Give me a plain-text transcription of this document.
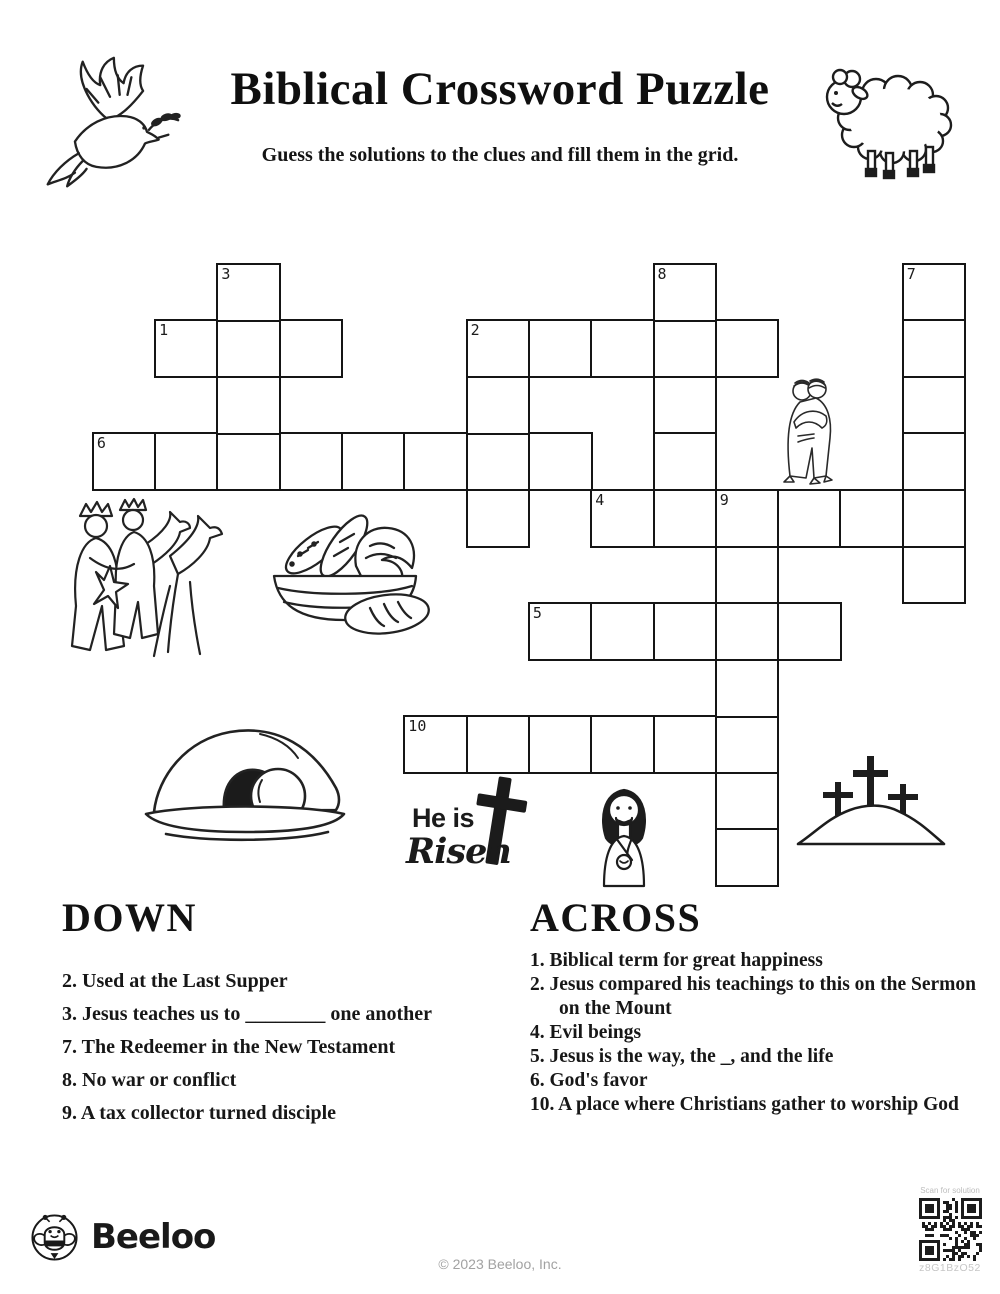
Biblical Crossword Puzzle
Guess the solutions to the clues and fill them in the grid.
1	2
6
4	9
5
10
3	8	7
He is
Risen
DOWN
2. Used at the Last Supper
3. Jesus teaches us to ________ one another
7. The Redeemer in the New Testament
8. No war or conflict
9. A tax collector turned disciple
ACROSS
1. Biblical term for great happiness
2. Jesus compared his teachings to this on the Sermon on the Mount
4. Evil beings
5. Jesus is the way, the _, and the life
6. God's favor
10. A place where Christians gather to worship God
Beeloo
© 2023 Beeloo, Inc.
Scan for solution
z8G1BzO52
